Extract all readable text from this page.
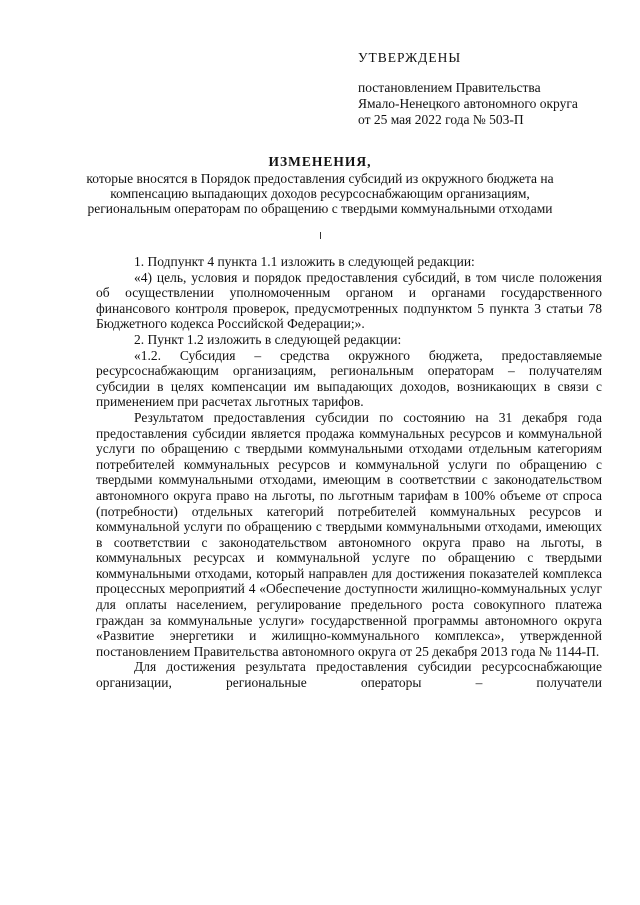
УТВЕРЖДЕНЫ
постановлением Правительства
Ямало-Ненецкого автономного округа
от 25 мая 2022 года № 503-П
ИЗМЕНЕНИЯ,
которые вносятся в Порядок предоставления субсидий из окружного бюджета на компенсацию выпадающих доходов ресурсоснабжающим организациям, региональным операторам по обращению с твердыми коммунальными отходами

1. Подпункт 4 пункта 1.1 изложить в следующей редакции:

«4) цель, условия и порядок предоставления субсидий, в том числе положения об осуществлении уполномоченным органом и органами государственного финансового контроля проверок, предусмотренных подпунктом 5 пункта 3 статьи 78 Бюджетного кодекса Российской Федерации;».

2. Пункт 1.2 изложить в следующей редакции:

«1.2. Субсидия – средства окружного бюджета, предоставляемые ресурсоснабжающим организациям, региональным операторам – получателям субсидии в целях компенсации им выпадающих доходов, возникающих в связи с применением при расчетах льготных тарифов.

Результатом предоставления субсидии по состоянию на 31 декабря года предоставления субсидии является продажа коммунальных ресурсов и коммунальной услуги по обращению с твердыми коммунальными отходами отдельным категориям потребителей коммунальных ресурсов и коммунальной услуги по обращению с твердыми коммунальными отходами, имеющим в соответствии с законодательством автономного округа право на льготы, по льготным тарифам в 100% объеме от спроса (потребности) отдельных категорий потребителей коммунальных ресурсов и коммунальной услуги по обращению с твердыми коммунальными отходами, имеющих в соответствии с законодательством автономного округа право на льготы, в коммунальных ресурсах и коммунальной услуге по обращению с твердыми коммунальными отходами, который направлен для достижения показателей комплекса процессных мероприятий 4 «Обеспечение доступности жилищно-коммунальных услуг для оплаты населением, регулирование предельного роста совокупного платежа граждан за коммунальные услуги» государственной программы автономного округа «Развитие энергетики и жилищно-коммунального комплекса», утвержденной постановлением Правительства автономного округа от 25 декабря 2013 года № 1144-П.

Для достижения результата предоставления субсидии ресурсоснабжающие организации, региональные операторы – получатели
